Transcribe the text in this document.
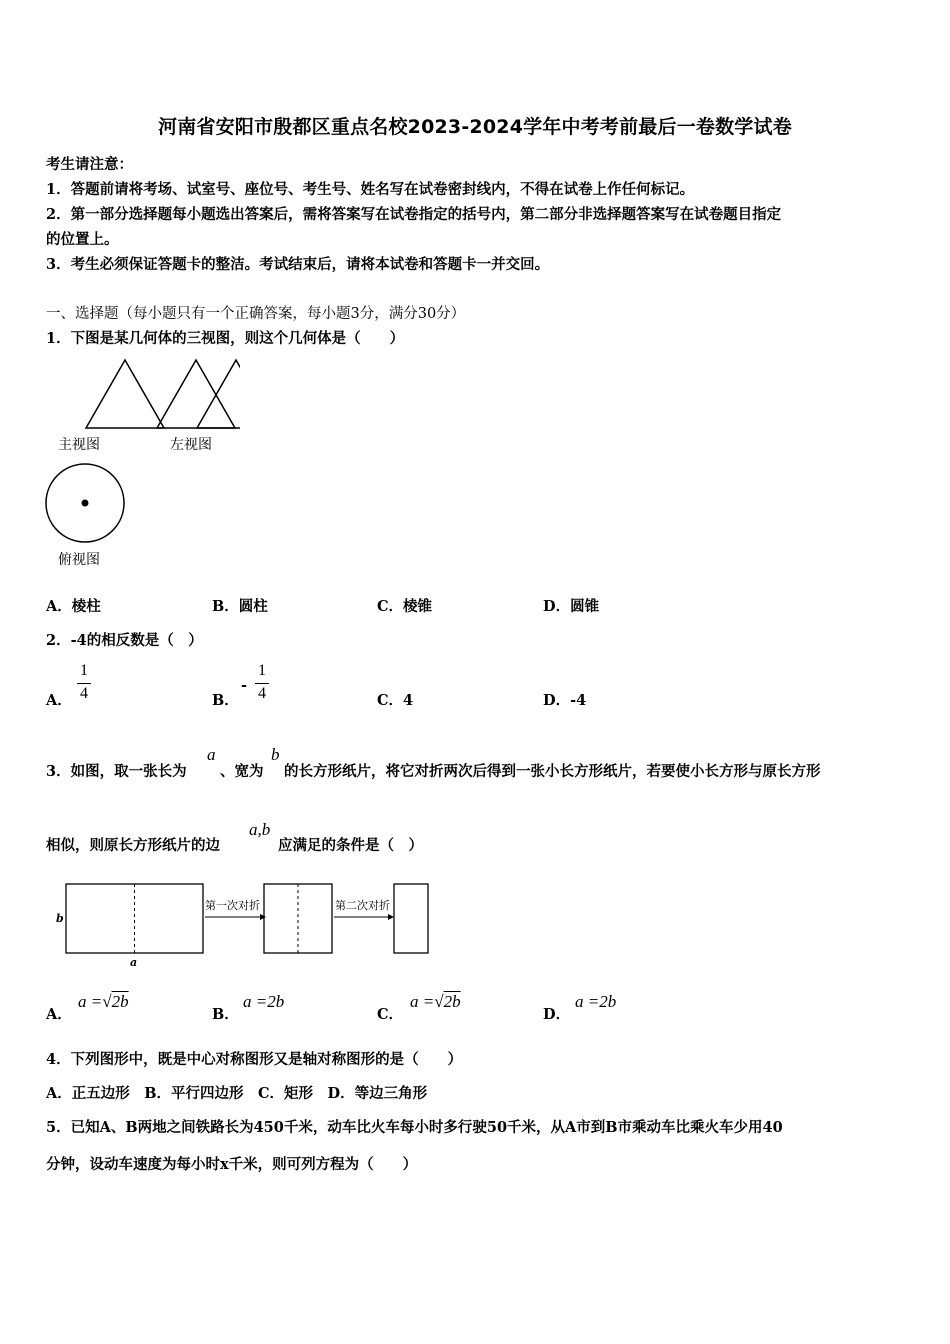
河南省安阳市殷都区重点名校2023-2024学年中考考前最后一卷数学试卷
考生请注意：
1．答题前请将考场、试室号、座位号、考生号、姓名写在试卷密封线内，不得在试卷上作任何标记。
2．第一部分选择题每小题选出答案后，需将答案写在试卷指定的括号内，第二部分非选择题答案写在试卷题目指定
的位置上。
3．考生必须保证答题卡的整洁。考试结束后，请将本试卷和答题卡一并交回。
一、选择题（每小题只有一个正确答案，每小题3分，满分30分）
1．下图是某几何体的三视图，则这个几何体是（　　）
主视图	左视图
俯视图
A．棱柱	B．圆柱	C．棱锥	D．圆锥
2．-4的相反数是（　）
A．
1
4	B．
-
1
4	C．4	D．-4
3．如图，取一张长为
a
、宽为
b
的长方形纸片，将它对折两次后得到一张小长方形纸片，若要使小长方形与原长方形
相似，则原长方形纸片的边
a,b
应满足的条件是（　）
b
a
第一次对折	第二次对折
A．
a =√2b
B．
a =2b
C．
a =√2b
D．
a =2b
4．下列图形中，既是中心对称图形又是轴对称图形的是（　　）
A．正五边形　B．平行四边形　C．矩形　D．等边三角形
5．已知A、B两地之间铁路长为450千米，动车比火车每小时多行驶50千米，从A市到B市乘动车比乘火车少用40
分钟，设动车速度为每小时x千米，则可列方程为（　　）
